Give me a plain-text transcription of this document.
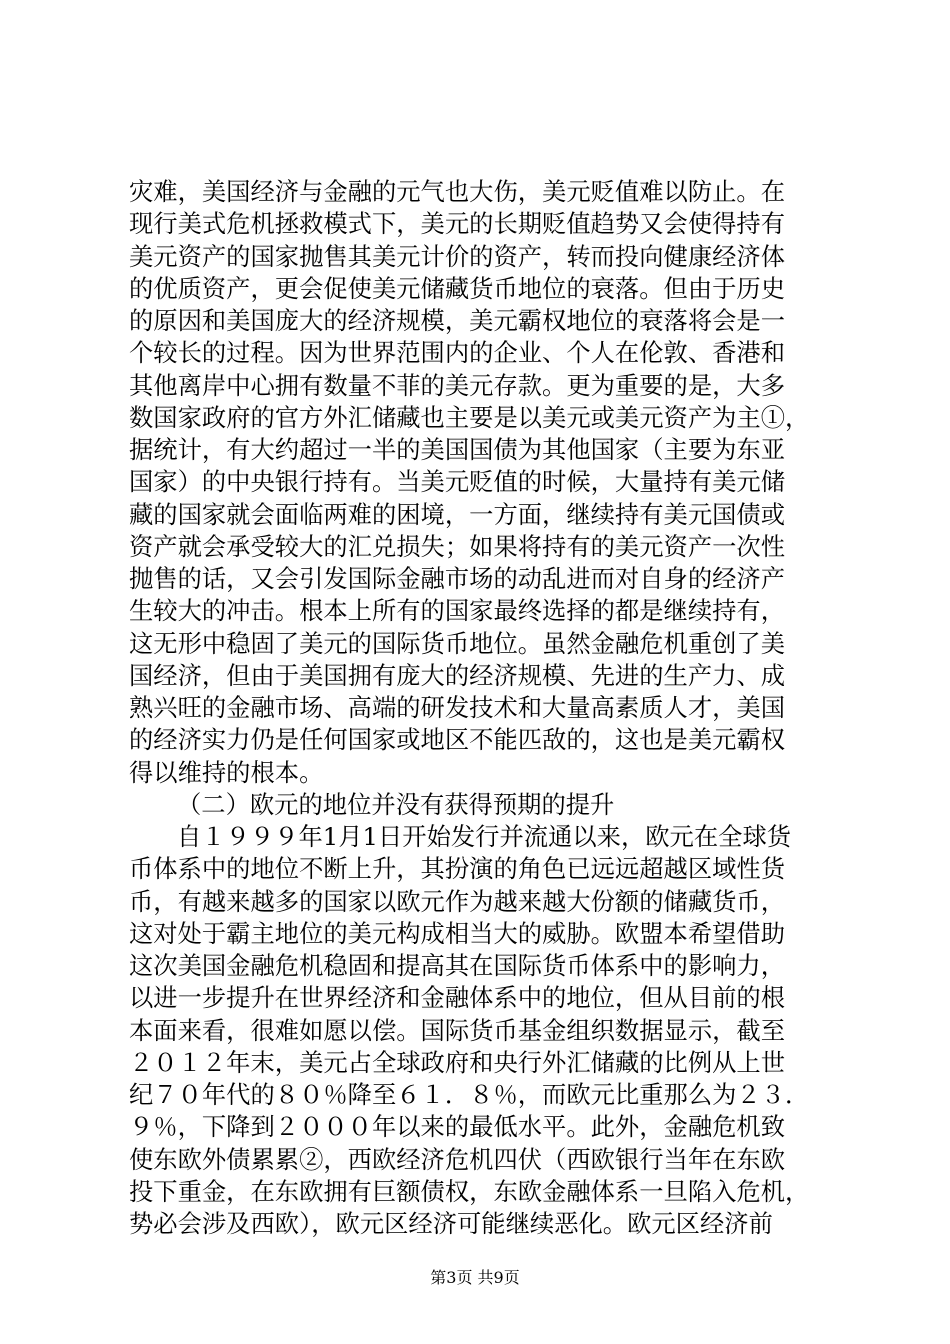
灾难，美国经济与金融的元气也大伤，美元贬值难以防止。在
现行美式危机拯救模式下，美元的长期贬值趋势又会使得持有
美元资产的国家抛售其美元计价的资产，转而投向健康经济体
的优质资产，更会促使美元储藏货币地位的衰落。但由于历史
的原因和美国庞大的经济规模，美元霸权地位的衰落将会是一
个较长的过程。因为世界范围内的企业、个人在伦敦、香港和
其他离岸中心拥有数量不菲的美元存款。更为重要的是，大多
数国家政府的官方外汇储藏也主要是以美元或美元资产为主①，
据统计，有大约超过一半的美国国债为其他国家（主要为东亚
国家）的中央银行持有。当美元贬值的时候，大量持有美元储
藏的国家就会面临两难的困境，一方面，继续持有美元国债或
资产就会承受较大的汇兑损失；如果将持有的美元资产一次性
抛售的话，又会引发国际金融市场的动乱进而对自身的经济产
生较大的冲击。根本上所有的国家最终选择的都是继续持有，
这无形中稳固了美元的国际货币地位。虽然金融危机重创了美
国经济，但由于美国拥有庞大的经济规模、先进的生产力、成
熟兴旺的金融市场、高端的研发技术和大量高素质人才，美国
的经济实力仍是任何国家或地区不能匹敌的，这也是美元霸权
得以维持的根本。
（二）欧元的地位并没有获得预期的提升
自１９９９年1月1日开始发行并流通以来，欧元在全球货
币体系中的地位不断上升，其扮演的角色已远远超越区域性货
币，有越来越多的国家以欧元作为越来越大份额的储藏货币，
这对处于霸主地位的美元构成相当大的威胁。欧盟本希望借助
这次美国金融危机稳固和提高其在国际货币体系中的影响力，
以进一步提升在世界经济和金融体系中的地位，但从目前的根
本面来看，很难如愿以偿。国际货币基金组织数据显示，截至
２０１２年末，美元占全球政府和央行外汇储藏的比例从上世
纪７０年代的８０％降至６１．８％，而欧元比重那么为２３．
９％，下降到２０００年以来的最低水平。此外，金融危机致
使东欧外债累累②，西欧经济危机四伏（西欧银行当年在东欧
投下重金，在东欧拥有巨额债权，东欧金融体系一旦陷入危机，
势必会涉及西欧），欧元区经济可能继续恶化。欧元区经济前
第3页 共9页
